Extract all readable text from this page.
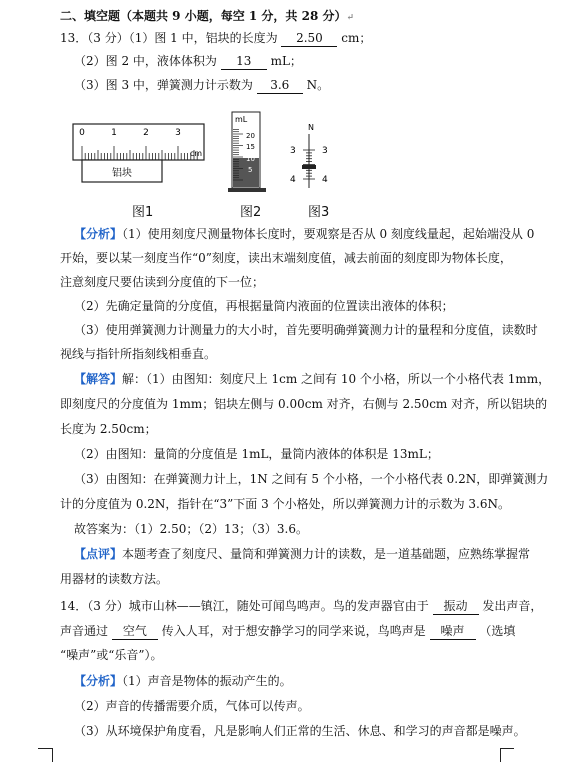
二、填空题（本题共 9 小题，每空 1 分，共 28 分）↵
13．（3 分）（1）图 1 中，铝块的长度为 2.50 cm；
（2）图 2 中，液体体积为 13 mL；
（3）图 3 中，弹簧测力计示数为 3.6 N。
0	1	2	3
cm
铝块
mL
20
15
10
5
N
3	3
4	4
图1	图2	图3
【分析】（1）使用刻度尺测量物体长度时，要观察是否从 0 刻度线量起，起始端没从 0
开始，要以某一刻度当作“0”刻度，读出末端刻度值，减去前面的刻度即为物体长度，
注意刻度尺要估读到分度值的下一位；
（2）先确定量筒的分度值，再根据量筒内液面的位置读出液体的体积；
（3）使用弹簧测力计测量力的大小时，首先要明确弹簧测力计的量程和分度值，读数时
视线与指针所指刻线相垂直。
【解答】解：（1）由图知：刻度尺上 1cm 之间有 10 个小格，所以一个小格代表 1mm，
即刻度尺的分度值为 1mm；铝块左侧与 0.00cm 对齐，右侧与 2.50cm 对齐，所以铝块的
长度为 2.50cm；
（2）由图知：量筒的分度值是 1mL，量筒内液体的体积是 13mL；
（3）由图知：在弹簧测力计上，1N 之间有 5 个小格，一个小格代表 0.2N，即弹簧测力
计的分度值为 0.2N，指针在“3”下面 3 个小格处，所以弹簧测力计的示数为 3.6N。
故答案为：（1）2.50；（2）13；（3）3.6。
【点评】本题考查了刻度尺、量筒和弹簧测力计的读数，是一道基础题，应熟练掌握常
用器材的读数方法。
14．（3 分）城市山林——镇江，随处可闻鸟鸣声。鸟的发声器官由于 振动 发出声音，
声音通过 空气 传入人耳，对于想安静学习的同学来说，鸟鸣声是 噪声 （选填
“噪声”或“乐音”）。
【分析】（1）声音是物体的振动产生的。
（2）声音的传播需要介质，气体可以传声。
（3）从环境保护角度看，凡是影响人们正常的生活、休息、和学习的声音都是噪声。
